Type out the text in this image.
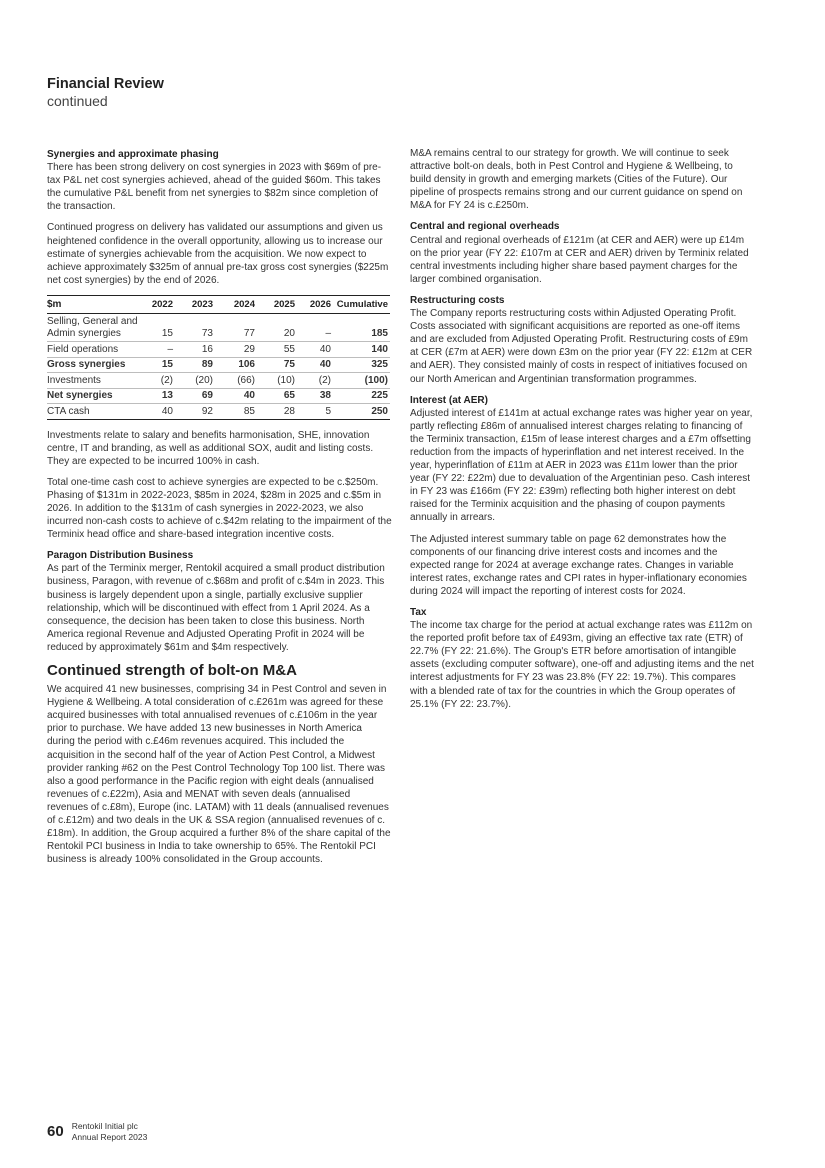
Financial Review
continued
Synergies and approximate phasing

There has been strong delivery on cost synergies in 2023 with $69m of pre-tax P&L net cost synergies achieved, ahead of the guided $60m. This takes the cumulative P&L benefit from net synergies to $82m since completion of the transaction.

Continued progress on delivery has validated our assumptions and given us heightened confidence in the overall opportunity, allowing us to increase our estimate of synergies achievable from the acquisition. We now expect to achieve approximately $325m of annual pre-tax gross cost synergies ($225m net cost synergies) by the end of 2026.

$m	2022	2023	2024	2025	2026	Cumulative
Selling, General and Admin synergies	15	73	77	20	–	185
Field operations	–	16	29	55	40	140
Gross synergies	15	89	106	75	40	325
Investments	(2)	(20)	(66)	(10)	(2)	(100)
Net synergies	13	69	40	65	38	225
CTA cash	40	92	85	28	5	250

Investments relate to salary and benefits harmonisation, SHE, innovation centre, IT and branding, as well as additional SOX, audit and listing costs. They are expected to be incurred 100% in cash.

Total one-time cash cost to achieve synergies are expected to be c.$250m. Phasing of $131m in 2022-2023, $85m in 2024, $28m in 2025 and c.$5m in 2026. In addition to the $131m of cash synergies in 2022-2023, we also incurred non-cash costs to achieve of c.$42m relating to the impairment of the Terminix head office and share-based integration incentive costs.

Paragon Distribution Business

As part of the Terminix merger, Rentokil acquired a small product distribution business, Paragon, with revenue of c.$68m and profit of c.$4m in 2023. This business is largely dependent upon a single, partially exclusive supplier relationship, which will be discontinued with effect from 1 April 2024. As a consequence, the decision has been taken to close this business. North America regional Revenue and Adjusted Operating Profit in 2024 will be reduced by approximately $61m and $4m respectively.

Continued strength of bolt-on M&A

We acquired 41 new businesses, comprising 34 in Pest Control and seven in Hygiene & Wellbeing. A total consideration of c.£261m was agreed for these acquired businesses with total annualised revenues of c.£106m in the year prior to purchase. We have added 13 new businesses in North America during the period with c.£46m revenues acquired. This included the acquisition in the second half of the year of Action Pest Control, a Midwest provider ranking #62 on the Pest Control Technology Top 100 list. There was also a good performance in the Pacific region with eight deals (annualised revenues of c.£22m), Asia and MENAT with seven deals (annualised revenues of c.£8m), Europe (inc. LATAM) with 11 deals (annualised revenues of c.£12m) and two deals in the UK & SSA region (annualised revenues of c.£18m). In addition, the Group acquired a further 8% of the share capital of the Rentokil PCI business in India to take ownership to 65%. The Rentokil PCI business is already 100% consolidated in the Group accounts.

M&A remains central to our strategy for growth. We will continue to seek attractive bolt-on deals, both in Pest Control and Hygiene & Wellbeing, to build density in growth and emerging markets (Cities of the Future). Our pipeline of prospects remains strong and our current guidance on spend on M&A for FY 24 is c.£250m.

Central and regional overheads

Central and regional overheads of £121m (at CER and AER) were up £14m on the prior year (FY 22: £107m at CER and AER) driven by Terminix related central investments including higher share based payment charges for the larger combined organisation.

Restructuring costs

The Company reports restructuring costs within Adjusted Operating Profit. Costs associated with significant acquisitions are reported as one-off items and are excluded from Adjusted Operating Profit. Restructuring costs of £9m at CER (£7m at AER) were down £3m on the prior year (FY 22: £12m at CER and AER). They consisted mainly of costs in respect of initiatives focused on our North American and Argentinian transformation programmes.

Interest (at AER)

Adjusted interest of £141m at actual exchange rates was higher year on year, partly reflecting £86m of annualised interest charges relating to financing of the Terminix transaction, £15m of lease interest charges and a £7m offsetting reduction from the impacts of hyperinflation and net interest received. In the year, hyperinflation of £11m at AER in 2023 was £11m lower than the prior year (FY 22: £22m) due to devaluation of the Argentinian peso. Cash interest in FY 23 was £166m (FY 22: £39m) reflecting both higher interest on debt raised for the Terminix acquisition and the phasing of coupon payments annually in arrears.

The Adjusted interest summary table on page 62 demonstrates how the components of our financing drive interest costs and incomes and the expected range for 2024 at average exchange rates. Changes in variable interest rates, exchange rates and CPI rates in hyper-inflationary economies during 2024 will impact the reporting of interest costs for 2024.

Tax

The income tax charge for the period at actual exchange rates was £112m on the reported profit before tax of £493m, giving an effective tax rate (ETR) of 22.7% (FY 22: 21.6%). The Group's ETR before amortisation of intangible assets (excluding computer software), one-off and adjusting items and the net interest adjustments for FY 23 was 23.8% (FY 22: 19.7%). This compares with a blended rate of tax for the countries in which the Group operates of 25.1% (FY 22: 23.7%).

60 Rentokil Initial plc
Annual Report 2023
